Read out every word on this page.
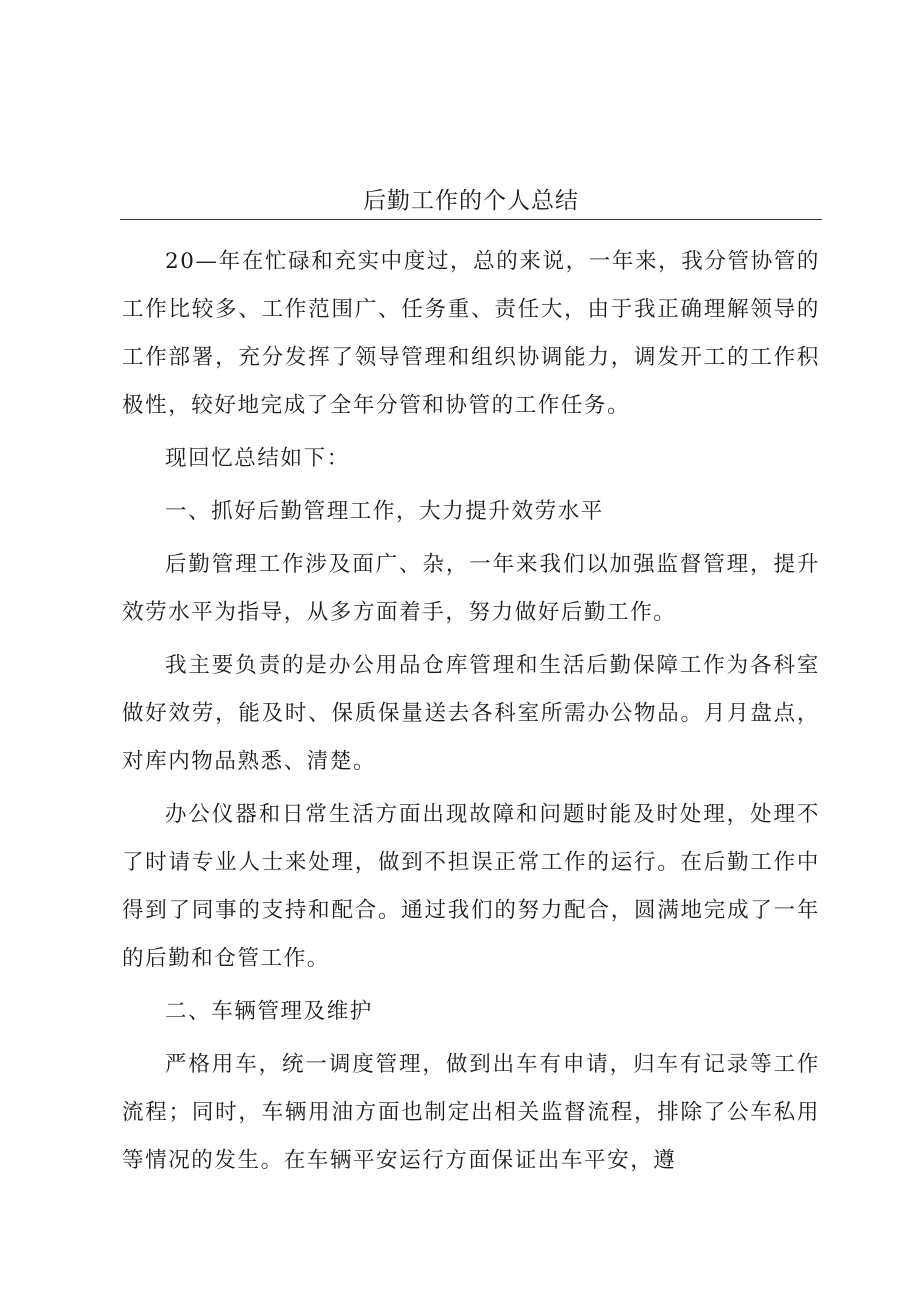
后勤工作的个人总结

20—年在忙碌和充实中度过，总的来说，一年来，我分管协管的工作比较多、工作范围广、任务重、责任大，由于我正确理解领导的工作部署，充分发挥了领导管理和组织协调能力，调发开工的工作积极性，较好地完成了全年分管和协管的工作任务。

现回忆总结如下：

一、抓好后勤管理工作，大力提升效劳水平

后勤管理工作涉及面广、杂，一年来我们以加强监督管理，提升效劳水平为指导，从多方面着手，努力做好后勤工作。

我主要负责的是办公用品仓库管理和生活后勤保障工作为各科室做好效劳，能及时、保质保量送去各科室所需办公物品。月月盘点，对库内物品熟悉、清楚。

办公仪器和日常生活方面出现故障和问题时能及时处理，处理不了时请专业人士来处理，做到不担误正常工作的运行。在后勤工作中得到了同事的支持和配合。通过我们的努力配合，圆满地完成了一年的后勤和仓管工作。

二、车辆管理及维护

严格用车，统一调度管理，做到出车有申请，归车有记录等工作流程；同时，车辆用油方面也制定出相关监督流程，排除了公车私用等情况的发生。在车辆平安运行方面保证出车平安，遵
